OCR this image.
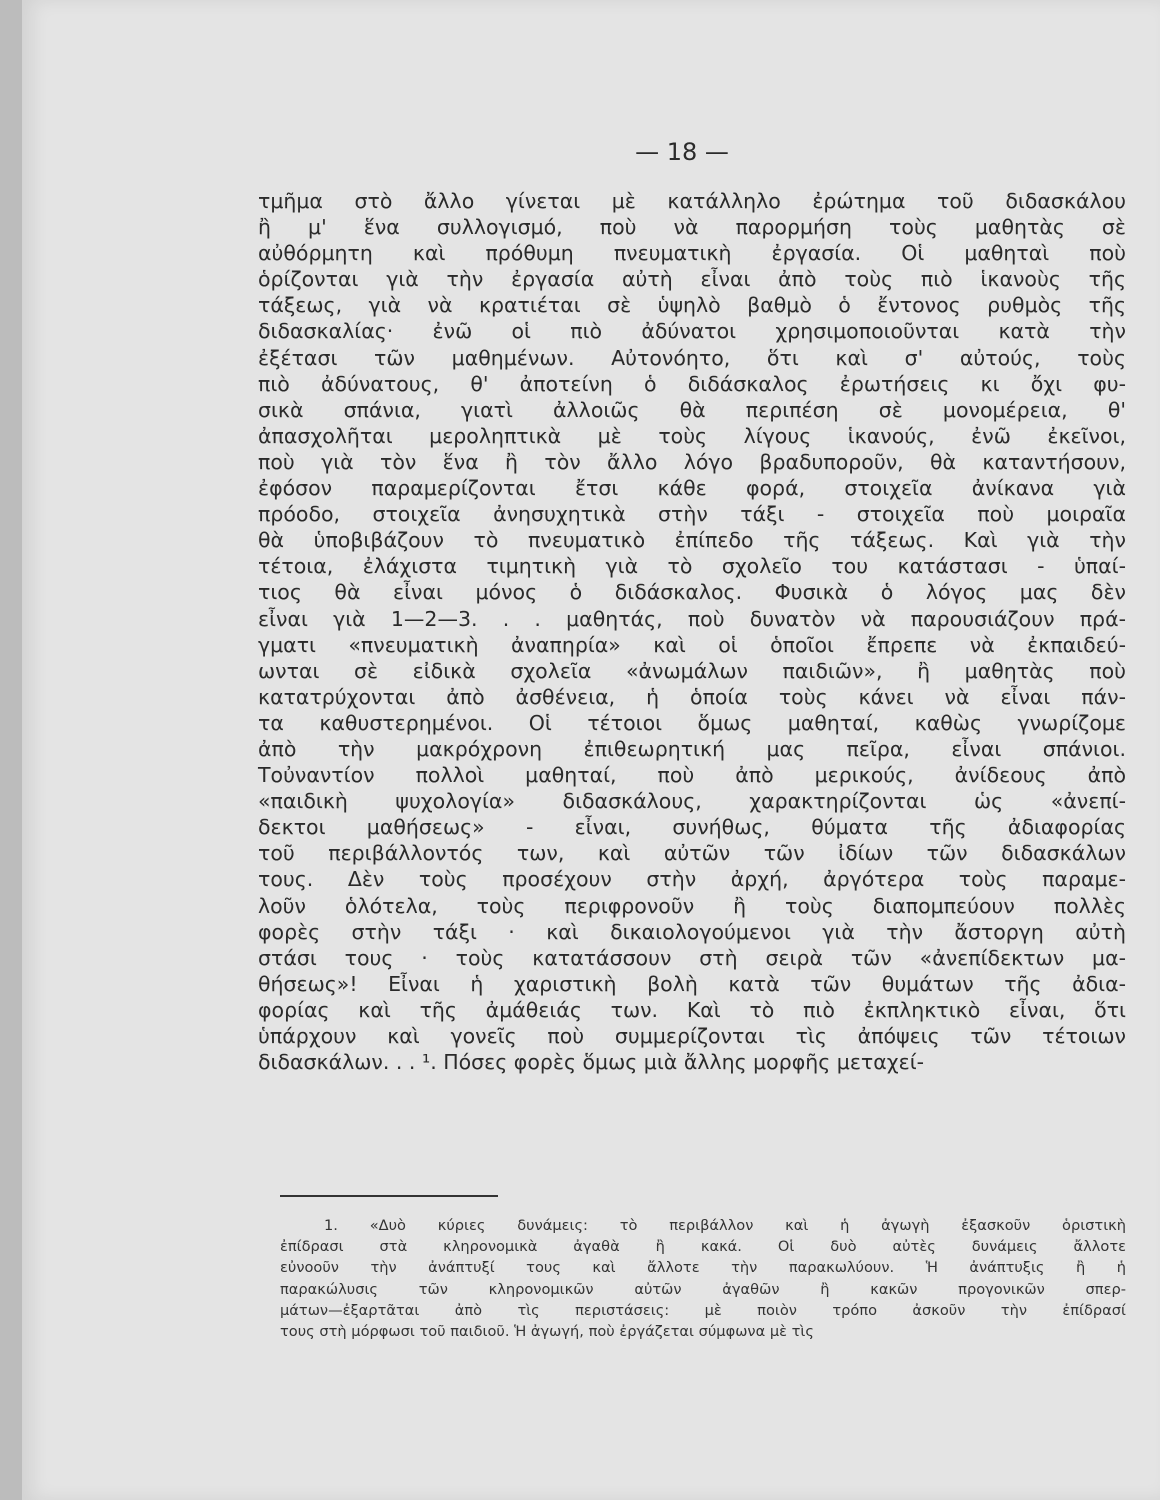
— 18 —
τμῆμα στὸ ἄλλο γίνεται μὲ κατάλληλο ἐρώτημα τοῦ διδασκάλου
ἢ μ' ἕνα συλλογισμό, ποὺ νὰ παρορμήση τοὺς μαθητὰς σὲ
αὐθόρμητη καὶ πρόθυμη πνευματικὴ ἐργασία. Οἱ μαθηταὶ ποὺ
ὁρίζονται γιὰ τὴν ἐργασία αὐτὴ εἶναι ἀπὸ τοὺς πιὸ ἱκανοὺς τῆς
τάξεως, γιὰ νὰ κρατιέται σὲ ὑψηλὸ βαθμὸ ὁ ἔντονος ρυθμὸς τῆς
διδασκαλίας· ἐνῶ οἱ πιὸ ἀδύνατοι χρησιμοποιοῦνται κατὰ τὴν
ἐξέτασι τῶν μαθημένων. Αὐτονόητο, ὅτι καὶ σ' αὐτούς, τοὺς
πιὸ ἀδύνατους, θ' ἀποτείνη ὁ διδάσκαλος ἐρωτήσεις κι ὄχι φυ-
σικὰ σπάνια, γιατὶ ἀλλοιῶς θὰ περιπέση σὲ μονομέρεια, θ'
ἀπασχολῆται μεροληπτικὰ μὲ τοὺς λίγους ἱκανούς, ἐνῶ ἐκεῖνοι,
ποὺ γιὰ τὸν ἕνα ἢ τὸν ἄλλο λόγο βραδυποροῦν, θὰ καταντήσουν,
ἐφόσον παραμερίζονται ἔτσι κάθε φορά, στοιχεῖα ἀνίκανα γιὰ
πρόοδο, στοιχεῖα ἀνησυχητικὰ στὴν τάξι - στοιχεῖα ποὺ μοιραῖα
θὰ ὑποβιβάζουν τὸ πνευματικὸ ἐπίπεδο τῆς τάξεως. Καὶ γιὰ τὴν
τέτοια, ἐλάχιστα τιμητικὴ γιὰ τὸ σχολεῖο του κατάστασι - ὑπαί-
τιος θὰ εἶναι μόνος ὁ διδάσκαλος. Φυσικὰ ὁ λόγος μας δὲν
εἶναι γιὰ 1—2—3. . . μαθητάς, ποὺ δυνατὸν νὰ παρουσιάζουν πρά-
γματι «πνευματικὴ ἀναπηρία» καὶ οἱ ὁποῖοι ἔπρεπε νὰ ἐκπαιδεύ-
ωνται σὲ εἰδικὰ σχολεῖα «ἀνωμάλων παιδιῶν», ἢ μαθητὰς ποὺ
κατατρύχονται ἀπὸ ἀσθένεια, ἡ ὁποία τοὺς κάνει νὰ εἶναι πάν-
τα καθυστερημένοι. Οἱ τέτοιοι ὅμως μαθηταί, καθὼς γνωρίζομε
ἀπὸ τὴν μακρόχρονη ἐπιθεωρητική μας πεῖρα, εἶναι σπάνιοι.
Τοὐναντίον πολλοὶ μαθηταί, ποὺ ἀπὸ μερικούς, ἀνίδεους ἀπὸ
«παιδικὴ ψυχολογία» διδασκάλους, χαρακτηρίζονται ὡς «ἀνεπί-
δεκτοι μαθήσεως» - εἶναι, συνήθως, θύματα τῆς ἀδιαφορίας
τοῦ περιβάλλοντός των, καὶ αὐτῶν τῶν ἰδίων τῶν διδασκάλων
τους. Δὲν τοὺς προσέχουν στὴν ἀρχή, ἀργότερα τοὺς παραμε-
λοῦν ὁλότελα, τοὺς περιφρονοῦν ἢ τοὺς διαπομπεύουν πολλὲς
φορὲς στὴν τάξι · καὶ δικαιολογούμενοι γιὰ τὴν ἄστοργη αὐτὴ
στάσι τους · τοὺς κατατάσσουν στὴ σειρὰ τῶν «ἀνεπίδεκτων μα-
θήσεως»! Εἶναι ἡ χαριστικὴ βολὴ κατὰ τῶν θυμάτων τῆς ἀδια-
φορίας καὶ τῆς ἀμάθειάς των. Καὶ τὸ πιὸ ἐκπληκτικὸ εἶναι, ὅτι
ὑπάρχουν καὶ γονεῖς ποὺ συμμερίζονται τὶς ἀπόψεις τῶν τέτοιων
διδασκάλων. . . ¹. Πόσες φορὲς ὅμως μιὰ ἄλλης μορφῆς μεταχεί-
1. «Δυὸ κύριες δυνάμεις: τὸ περιβάλλον καὶ ἡ ἀγωγὴ ἐξασκοῦν ὁριστικὴ
ἐπίδρασι στὰ κληρονομικὰ ἀγαθὰ ἢ κακά. Οἱ δυὸ αὐτὲς δυνάμεις ἄλλοτε
εὐνοοῦν τὴν ἀνάπτυξί τους καὶ ἄλλοτε τὴν παρακωλύουν. Ἡ ἀνάπτυξις ἢ ἡ
παρακώλυσις τῶν κληρονομικῶν αὐτῶν ἀγαθῶν ἢ κακῶν προγονικῶν σπερ-
μάτων—ἐξαρτᾶται ἀπὸ τὶς περιστάσεις: μὲ ποιὸν τρόπο ἀσκοῦν τὴν ἐπίδρασί
τους στὴ μόρφωσι τοῦ παιδιοῦ. Ἡ ἀγωγή, ποὺ ἐργάζεται σύμφωνα μὲ τὶς
